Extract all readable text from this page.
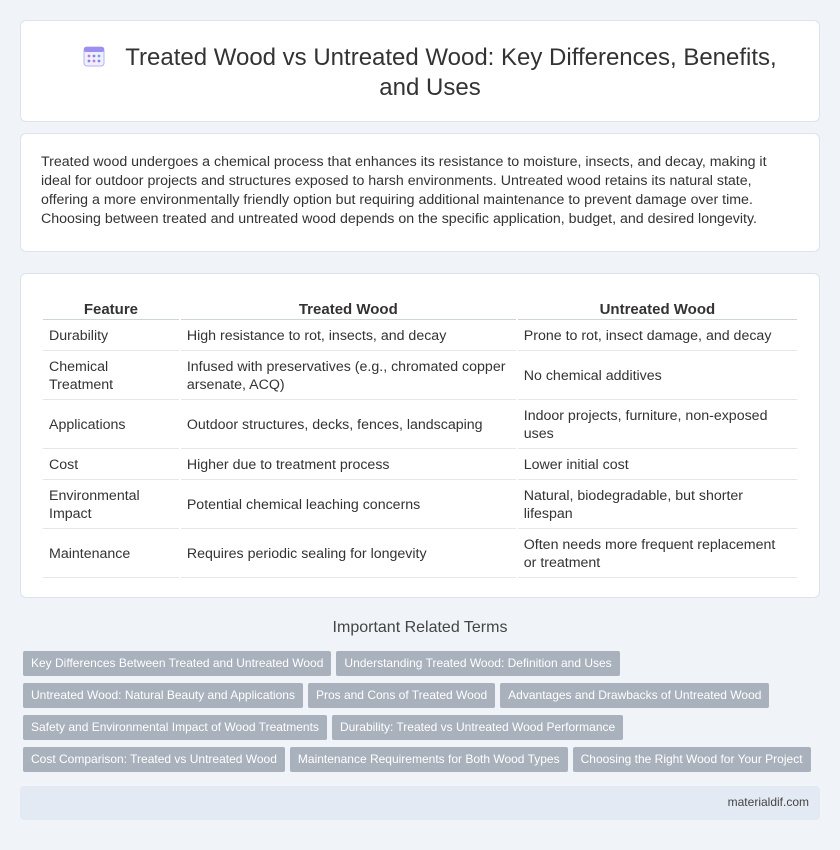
Treated Wood vs Untreated Wood: Key Differences, Benefits, and Uses

Treated wood undergoes a chemical process that enhances its resistance to moisture, insects, and decay, making it ideal for outdoor projects and structures exposed to harsh environments. Untreated wood retains its natural state, offering a more environmentally friendly option but requiring additional maintenance to prevent damage over time. Choosing between treated and untreated wood depends on the specific application, budget, and desired longevity.

Feature	Treated Wood	Untreated Wood
Durability	High resistance to rot, insects, and decay	Prone to rot, insect damage, and decay
Chemical Treatment	Infused with preservatives (e.g., chromated copper arsenate, ACQ)	No chemical additives
Applications	Outdoor structures, decks, fences, landscaping	Indoor projects, furniture, non-exposed uses
Cost	Higher due to treatment process	Lower initial cost
Environmental Impact	Potential chemical leaching concerns	Natural, biodegradable, but shorter lifespan
Maintenance	Requires periodic sealing for longevity	Often needs more frequent replacement or treatment
Important Related Terms
Key Differences Between Treated and Untreated Wood Understanding Treated Wood: Definition and Uses
Untreated Wood: Natural Beauty and Applications Pros and Cons of Treated Wood Advantages and Drawbacks of Untreated Wood
Safety and Environmental Impact of Wood Treatments Durability: Treated vs Untreated Wood Performance
Cost Comparison: Treated vs Untreated Wood Maintenance Requirements for Both Wood Types Choosing the Right Wood for Your Project
materialdif.com
